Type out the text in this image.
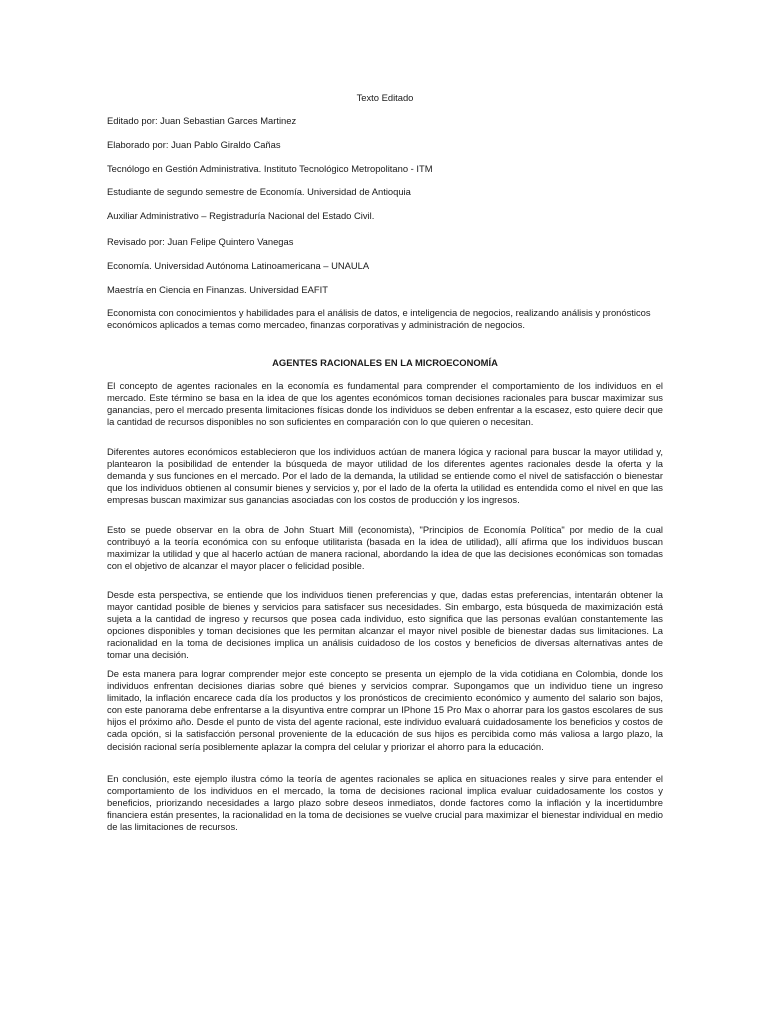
Texto Editado

Editado por: Juan Sebastian Garces Martinez

Elaborado por: Juan Pablo Giraldo Cañas

Tecnólogo en Gestión Administrativa. Instituto Tecnológico Metropolitano - ITM

Estudiante de segundo semestre de Economía. Universidad de Antioquia

Auxiliar Administrativo – Registraduría Nacional del Estado Civil.

Revisado por: Juan Felipe Quintero Vanegas

Economía. Universidad Autónoma Latinoamericana – UNAULA

Maestría en Ciencia en Finanzas. Universidad EAFIT

Economista con conocimientos y habilidades para el análisis de datos, e inteligencia de negocios, realizando análisis y pronósticos económicos aplicados a temas como mercadeo, finanzas corporativas y administración de negocios.

AGENTES RACIONALES EN LA MICROECONOMÍA

El concepto de agentes racionales en la economía es fundamental para comprender el comportamiento de los individuos en el mercado. Este término se basa en la idea de que los agentes económicos toman decisiones racionales para buscar maximizar sus ganancias, pero el mercado presenta limitaciones físicas donde los individuos se deben enfrentar a la escasez, esto quiere decir que la cantidad de recursos disponibles no son suficientes en comparación con lo que quieren o necesitan.

Diferentes autores económicos establecieron que los individuos actúan de manera lógica y racional para buscar la mayor utilidad y, plantearon la posibilidad de entender la búsqueda de mayor utilidad de los diferentes agentes racionales desde la oferta y la demanda y sus funciones en el mercado. Por el lado de la demanda, la utilidad se entiende como el nivel de satisfacción o bienestar que los individuos obtienen al consumir bienes y servicios y, por el lado de la oferta la utilidad es entendida como el nivel en que las empresas buscan maximizar sus ganancias asociadas con los costos de producción y los ingresos.

Esto se puede observar en la obra de John Stuart Mill (economista), "Principios de Economía Política" por medio de la cual contribuyó a la teoría económica con su enfoque utilitarista (basada en la idea de utilidad), allí afirma que los individuos buscan maximizar la utilidad y que al hacerlo actúan de manera racional, abordando la idea de que las decisiones económicas son tomadas con el objetivo de alcanzar el mayor placer o felicidad posible.

Desde esta perspectiva, se entiende que los individuos tienen preferencias y que, dadas estas preferencias, intentarán obtener la mayor cantidad posible de bienes y servicios para satisfacer sus necesidades. Sin embargo, esta búsqueda de maximización está sujeta a la cantidad de ingreso y recursos que posea cada individuo, esto significa que las personas evalúan constantemente las opciones disponibles y toman decisiones que les permitan alcanzar el mayor nivel posible de bienestar dadas sus limitaciones. La racionalidad en la toma de decisiones implica un análisis cuidadoso de los costos y beneficios de diversas alternativas antes de tomar una decisión.

De esta manera para lograr comprender mejor este concepto se presenta un ejemplo de la vida cotidiana en Colombia, donde los individuos enfrentan decisiones diarias sobre qué bienes y servicios comprar. Supongamos que un individuo tiene un ingreso limitado, la inflación encarece cada día los productos y los pronósticos de crecimiento económico y aumento del salario son bajos, con este panorama debe enfrentarse a la disyuntiva entre comprar un IPhone 15 Pro Max o ahorrar para los gastos escolares de sus hijos el próximo año. Desde el punto de vista del agente racional, este individuo evaluará cuidadosamente los beneficios y costos de cada opción, si la satisfacción personal proveniente de la educación de sus hijos es percibida como más valiosa a largo plazo, la decisión racional sería posiblemente aplazar la compra del celular y priorizar el ahorro para la educación.

En conclusión, este ejemplo ilustra cómo la teoría de agentes racionales se aplica en situaciones reales y sirve para entender el comportamiento de los individuos en el mercado, la toma de decisiones racional implica evaluar cuidadosamente los costos y beneficios, priorizando necesidades a largo plazo sobre deseos inmediatos, donde factores como la inflación y la incertidumbre financiera están presentes, la racionalidad en la toma de decisiones se vuelve crucial para maximizar el bienestar individual en medio de las limitaciones de recursos.
